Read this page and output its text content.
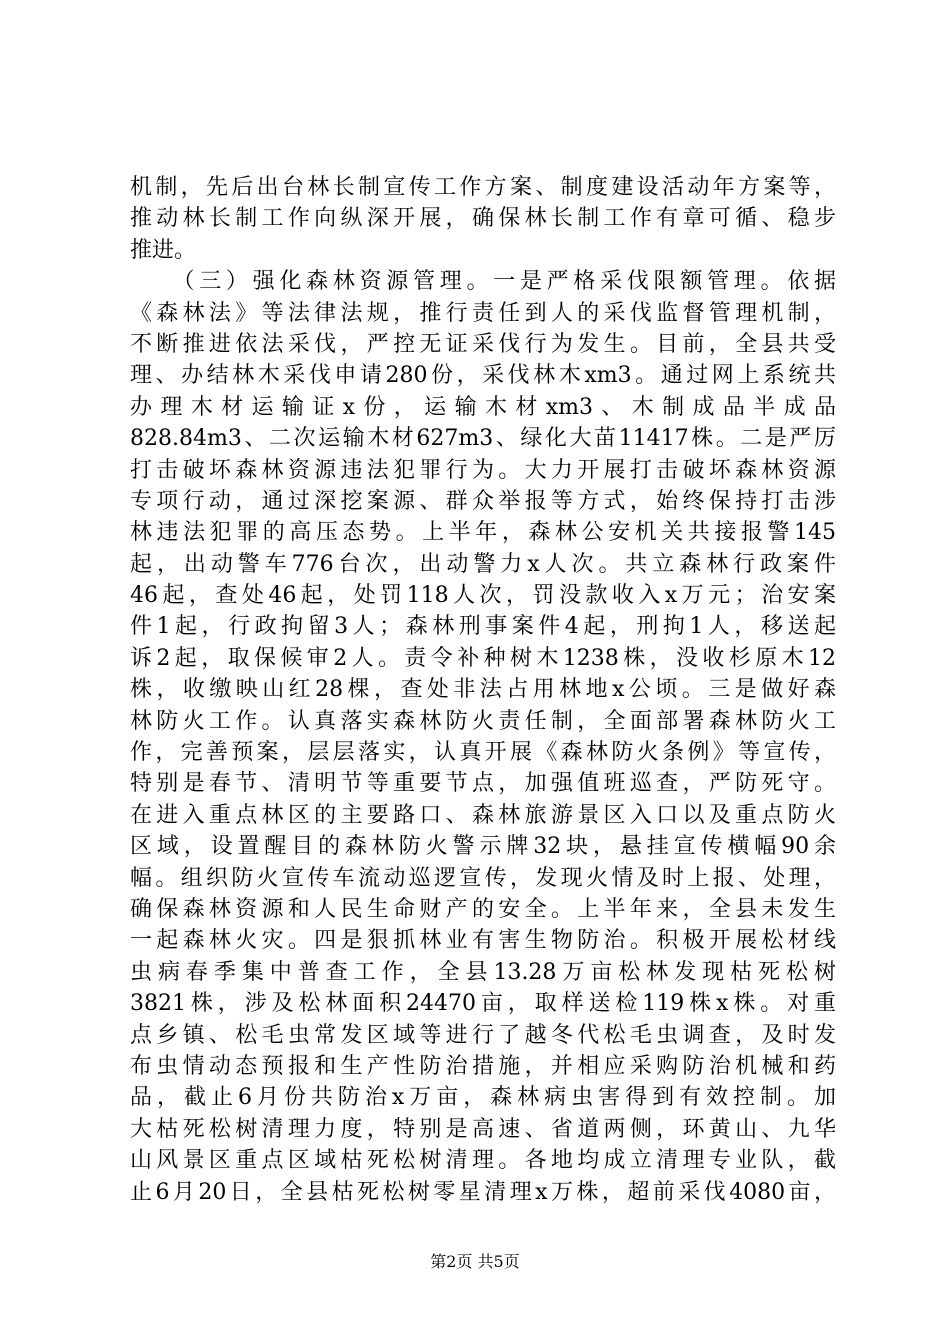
机制，先后出台林长制宣传工作方案、制度建设活动年方案等，
推动林长制工作向纵深开展，确保林长制工作有章可循、稳步
推进。
　　（三）强化森林资源管理。一是严格采伐限额管理。依据
《森林法》等法律法规，推行责任到人的采伐监督管理机制，
不断推进依法采伐，严控无证采伐行为发生。目前，全县共受
理、办结林木采伐申请280份，采伐林木xm3。通过网上系统共
办理木材运输证x份，运输木材xm3、木制成品半成品
828.84m3、二次运输木材627m3、绿化大苗11417株。二是严厉
打击破坏森林资源违法犯罪行为。大力开展打击破坏森林资源
专项行动，通过深挖案源、群众举报等方式，始终保持打击涉
林违法犯罪的高压态势。上半年，森林公安机关共接报警145
起，出动警车776台次，出动警力x人次。共立森林行政案件
46起，查处46起，处罚118人次，罚没款收入x万元；治安案
件1起，行政拘留3人；森林刑事案件4起，刑拘1人，移送起
诉2起，取保候审2人。责令补种树木1238株，没收杉原木12
株，收缴映山红28棵，查处非法占用林地x公顷。三是做好森
林防火工作。认真落实森林防火责任制，全面部署森林防火工
作，完善预案，层层落实，认真开展《森林防火条例》等宣传，
特别是春节、清明节等重要节点，加强值班巡查，严防死守。
在进入重点林区的主要路口、森林旅游景区入口以及重点防火
区域，设置醒目的森林防火警示牌32块，悬挂宣传横幅90余
幅。组织防火宣传车流动巡逻宣传，发现火情及时上报、处理，
确保森林资源和人民生命财产的安全。上半年来，全县未发生
一起森林火灾。四是狠抓林业有害生物防治。积极开展松材线
虫病春季集中普查工作，全县13.28万亩松林发现枯死松树
3821株，涉及松林面积24470亩，取样送检119株x株。对重
点乡镇、松毛虫常发区域等进行了越冬代松毛虫调查，及时发
布虫情动态预报和生产性防治措施，并相应采购防治机械和药
品，截止6月份共防治x万亩，森林病虫害得到有效控制。加
大枯死松树清理力度，特别是高速、省道两侧，环黄山、九华
山风景区重点区域枯死松树清理。各地均成立清理专业队，截
止6月20日，全县枯死松树零星清理x万株，超前采伐4080亩，
第2页 共5页
